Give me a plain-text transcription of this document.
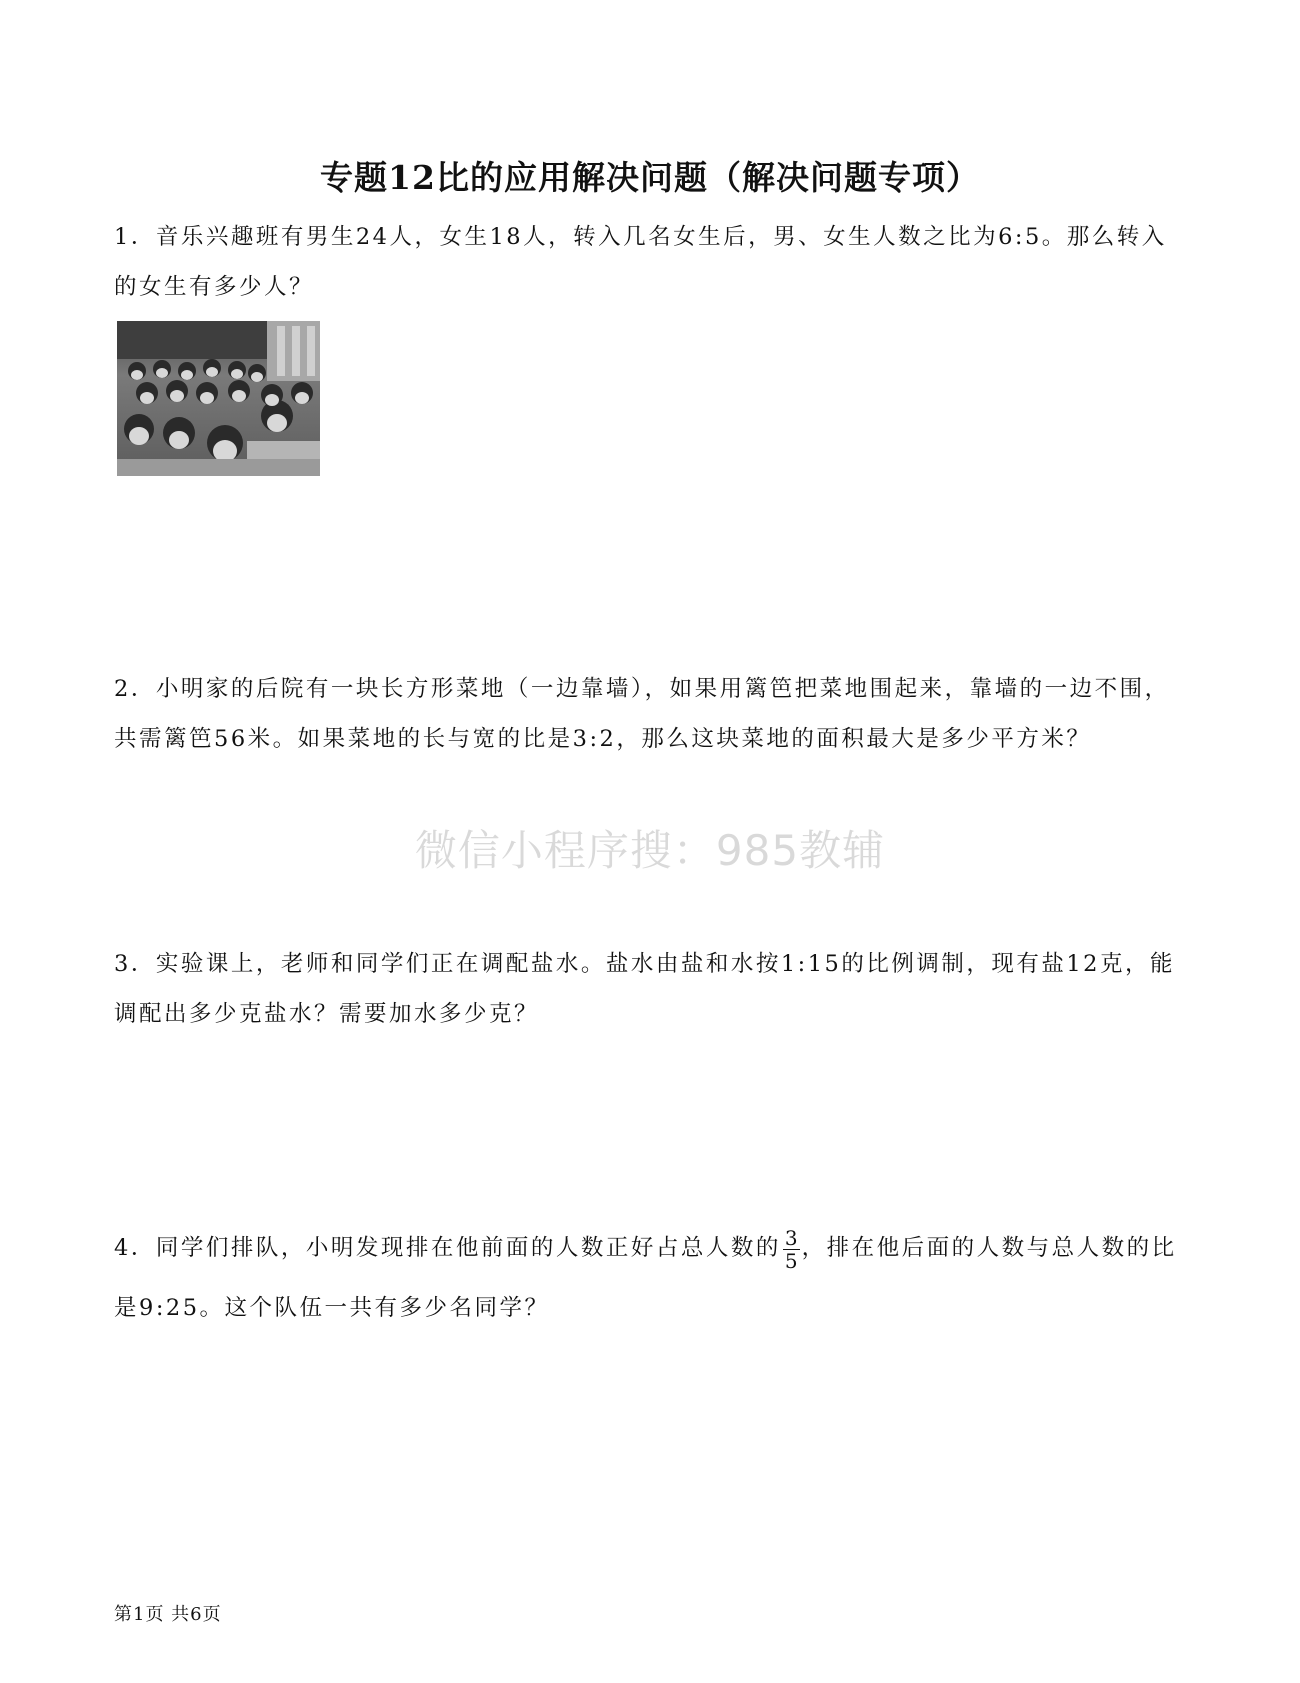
专题12比的应用解决问题（解决问题专项）
1．音乐兴趣班有男生24人，女生18人，转入几名女生后，男、女生人数之比为6:5。那么转入的女生有多少人？
2．小明家的后院有一块长方形菜地（一边靠墙），如果用篱笆把菜地围起来，靠墙的一边不围，共需篱笆56米。如果菜地的长与宽的比是3:2，那么这块菜地的面积最大是多少平方米？
微信小程序搜：985教辅
3．实验课上，老师和同学们正在调配盐水。盐水由盐和水按1:15的比例调制，现有盐12克，能调配出多少克盐水？需要加水多少克？
4．同学们排队，小明发现排在他前面的人数正好占总人数的 $\frac{3}{5}$ ，排在他后面的人数与总人数的比是9:25。这个队伍一共有多少名同学？
第1页 共6页
